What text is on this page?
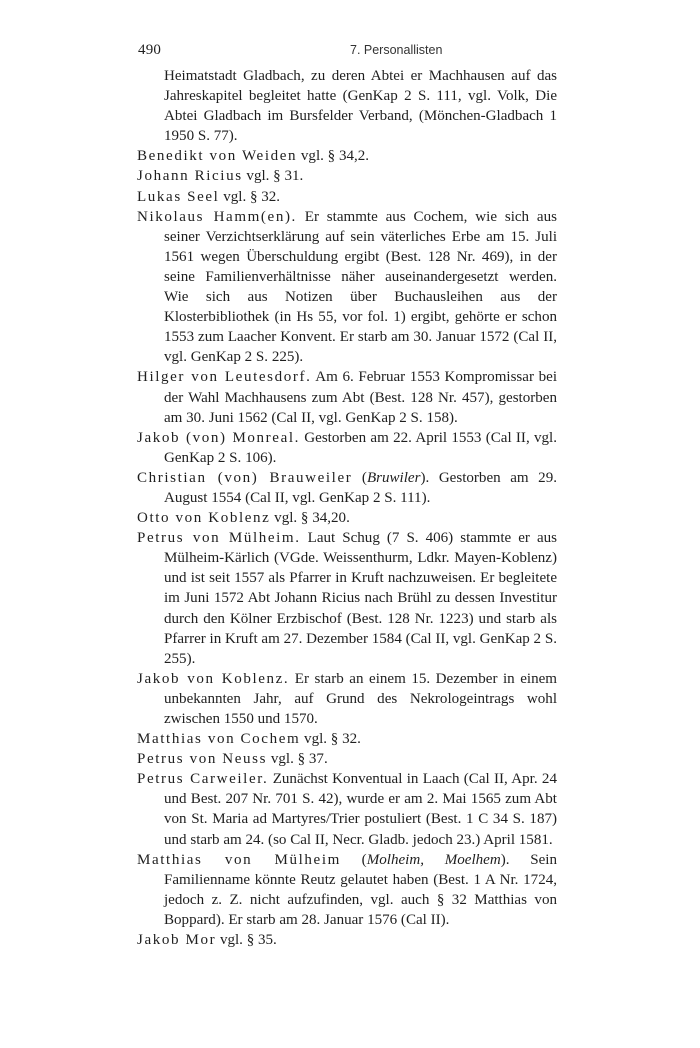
490	7. Personallisten

Heimatstadt Gladbach, zu deren Abtei er Machhausen auf das Jahreskapitel begleitet hatte (GenKap 2 S. 111, vgl. Volk, Die Abtei Gladbach im Bursfelder Verband, (Mönchen-Gladbach 1 1950 S. 77).

Benedikt von Weiden vgl. § 34,2.

Johann Ricius vgl. § 31.

Lukas Seel vgl. § 32.

Nikolaus Hamm(en). Er stammte aus Cochem, wie sich aus seiner Verzichtserklärung auf sein väterliches Erbe am 15. Juli 1561 wegen Überschuldung ergibt (Best. 128 Nr. 469), in der seine Familienverhältnisse näher auseinandergesetzt werden. Wie sich aus Notizen über Buchausleihen aus der Klosterbibliothek (in Hs 55, vor fol. 1) ergibt, gehörte er schon 1553 zum Laacher Konvent. Er starb am 30. Januar 1572 (Cal II, vgl. GenKap 2 S. 225).

Hilger von Leutesdorf. Am 6. Februar 1553 Kompromissar bei der Wahl Machhausens zum Abt (Best. 128 Nr. 457), gestorben am 30. Juni 1562 (Cal II, vgl. GenKap 2 S. 158).

Jakob (von) Monreal. Gestorben am 22. April 1553 (Cal II, vgl. GenKap 2 S. 106).

Christian (von) Brauweiler (Bruwiler). Gestorben am 29. August 1554 (Cal II, vgl. GenKap 2 S. 111).

Otto von Koblenz vgl. § 34,20.

Petrus von Mülheim. Laut Schug (7 S. 406) stammte er aus Mülheim-Kärlich (VGde. Weissenthurm, Ldkr. Mayen-Koblenz) und ist seit 1557 als Pfarrer in Kruft nachzuweisen. Er begleitete im Juni 1572 Abt Johann Ricius nach Brühl zu dessen Investitur durch den Kölner Erzbischof (Best. 128 Nr. 1223) und starb als Pfarrer in Kruft am 27. Dezember 1584 (Cal II, vgl. GenKap 2 S. 255).

Jakob von Koblenz. Er starb an einem 15. Dezember in einem unbekannten Jahr, auf Grund des Nekrologeintrags wohl zwischen 1550 und 1570.

Matthias von Cochem vgl. § 32.

Petrus von Neuss vgl. § 37.

Petrus Carweiler. Zunächst Konventual in Laach (Cal II, Apr. 24 und Best. 207 Nr. 701 S. 42), wurde er am 2. Mai 1565 zum Abt von St. Maria ad Martyres/Trier postuliert (Best. 1 C 34 S. 187) und starb am 24. (so Cal II, Necr. Gladb. jedoch 23.) April 1581.

Matthias von Mülheim (Molheim, Moelhem). Sein Familienname könnte Reutz gelautet haben (Best. 1 A Nr. 1724, jedoch z. Z. nicht aufzufinden, vgl. auch § 32 Matthias von Boppard). Er starb am 28. Januar 1576 (Cal II).

Jakob Mor vgl. § 35.
